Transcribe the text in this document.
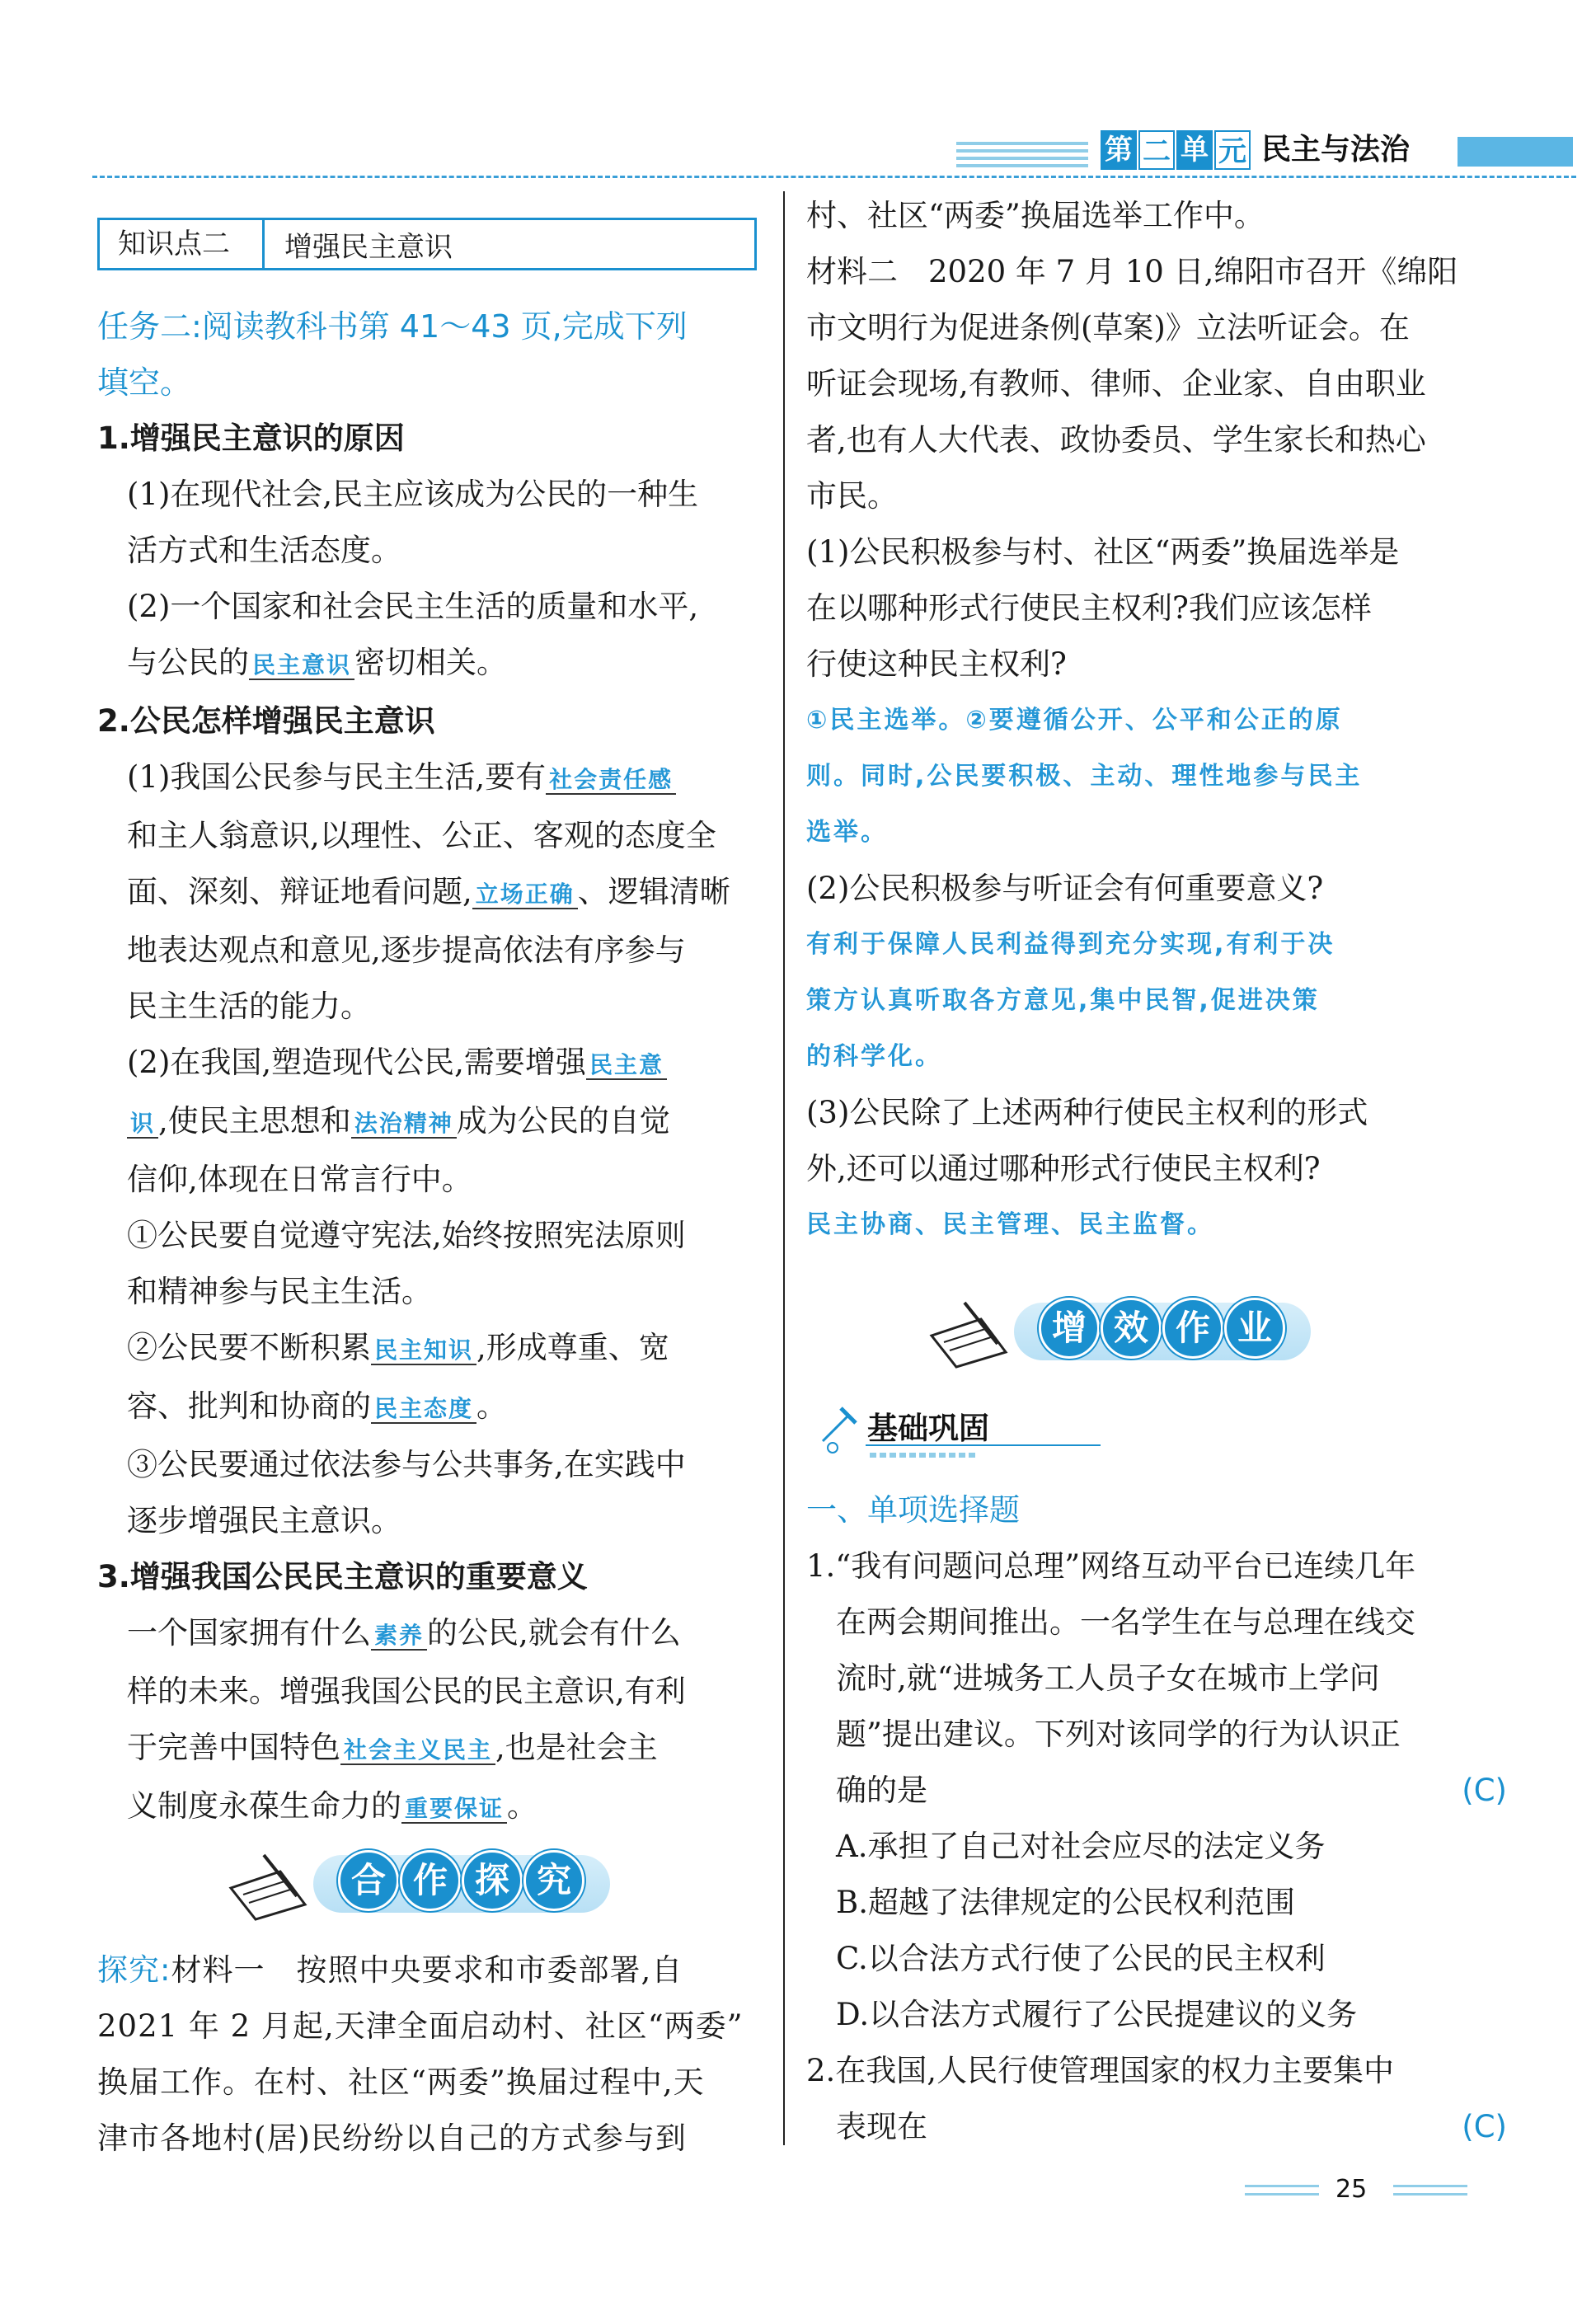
第 二 单 元 民主与法治
知识点二	增强民主意识

任务二:阅读教科书第 41～43 页,完成下列

填空。

1.增强民主意识的原因

(1)在现代社会,民主应该成为公民的一种生

活方式和生活态度。

(2)一个国家和社会民主生活的质量和水平,

与公民的 民主意识 密切相关。

2.公民怎样增强民主意识

(1)我国公民参与民主生活,要有 社会责任感

和主人翁意识,以理性、公正、客观的态度全

面、深刻、辩证地看问题, 立场正确 、逻辑清晰

地表达观点和意见,逐步提高依法有序参与

民主生活的能力。

(2)在我国,塑造现代公民,需要增强 民主意

识 ,使民主思想和 法治精神 成为公民的自觉

信仰,体现在日常言行中。

①公民要自觉遵守宪法,始终按照宪法原则

和精神参与民主生活。

②公民要不断积累 民主知识 ,形成尊重、宽

容、批判和协商的 民主态度 。

③公民要通过依法参与公共事务,在实践中

逐步增强民主意识。

3.增强我国公民民主意识的重要意义

一个国家拥有什么 素养 的公民,就会有什么

样的未来。增强我国公民的民主意识,有利

于完善中国特色 社会主义民主 ,也是社会主

义制度永葆生命力的 重要保证 。

合 作 探 究

探究:材料一　按照中央要求和市委部署,自

2021 年 2 月起,天津全面启动村、社区“两委”

换届工作。在村、社区“两委”换届过程中,天

津市各地村(居)民纷纷以自己的方式参与到

村、社区“两委”换届选举工作中。

材料二　2020 年 7 月 10 日,绵阳市召开《绵阳

市文明行为促进条例(草案)》立法听证会。在

听证会现场,有教师、律师、企业家、自由职业

者,也有人大代表、政协委员、学生家长和热心

市民。

(1)公民积极参与村、社区“两委”换届选举是

在以哪种形式行使民主权利?我们应该怎样

行使这种民主权利?

①民主选举。②要遵循公开、公平和公正的原

则。同时,公民要积极、主动、理性地参与民主

选举。

(2)公民积极参与听证会有何重要意义?

有利于保障人民利益得到充分实现,有利于决

策方认真听取各方意见,集中民智,促进决策

的科学化。

(3)公民除了上述两种行使民主权利的形式

外,还可以通过哪种形式行使民主权利?

民主协商、民主管理、民主监督。

增 效 作 业
基础巩固

一、单项选择题

1.“我有问题问总理”网络互动平台已连续几年

在两会期间推出。一名学生在与总理在线交

流时,就“进城务工人员子女在城市上学问

题”提出建议。下列对该同学的行为认识正

确的是	(C)

A.承担了自己对社会应尽的法定义务

B.超越了法律规定的公民权利范围

C.以合法方式行使了公民的民主权利

D.以合法方式履行了公民提建议的义务

2.在我国,人民行使管理国家的权力主要集中

表现在	(C)

25
